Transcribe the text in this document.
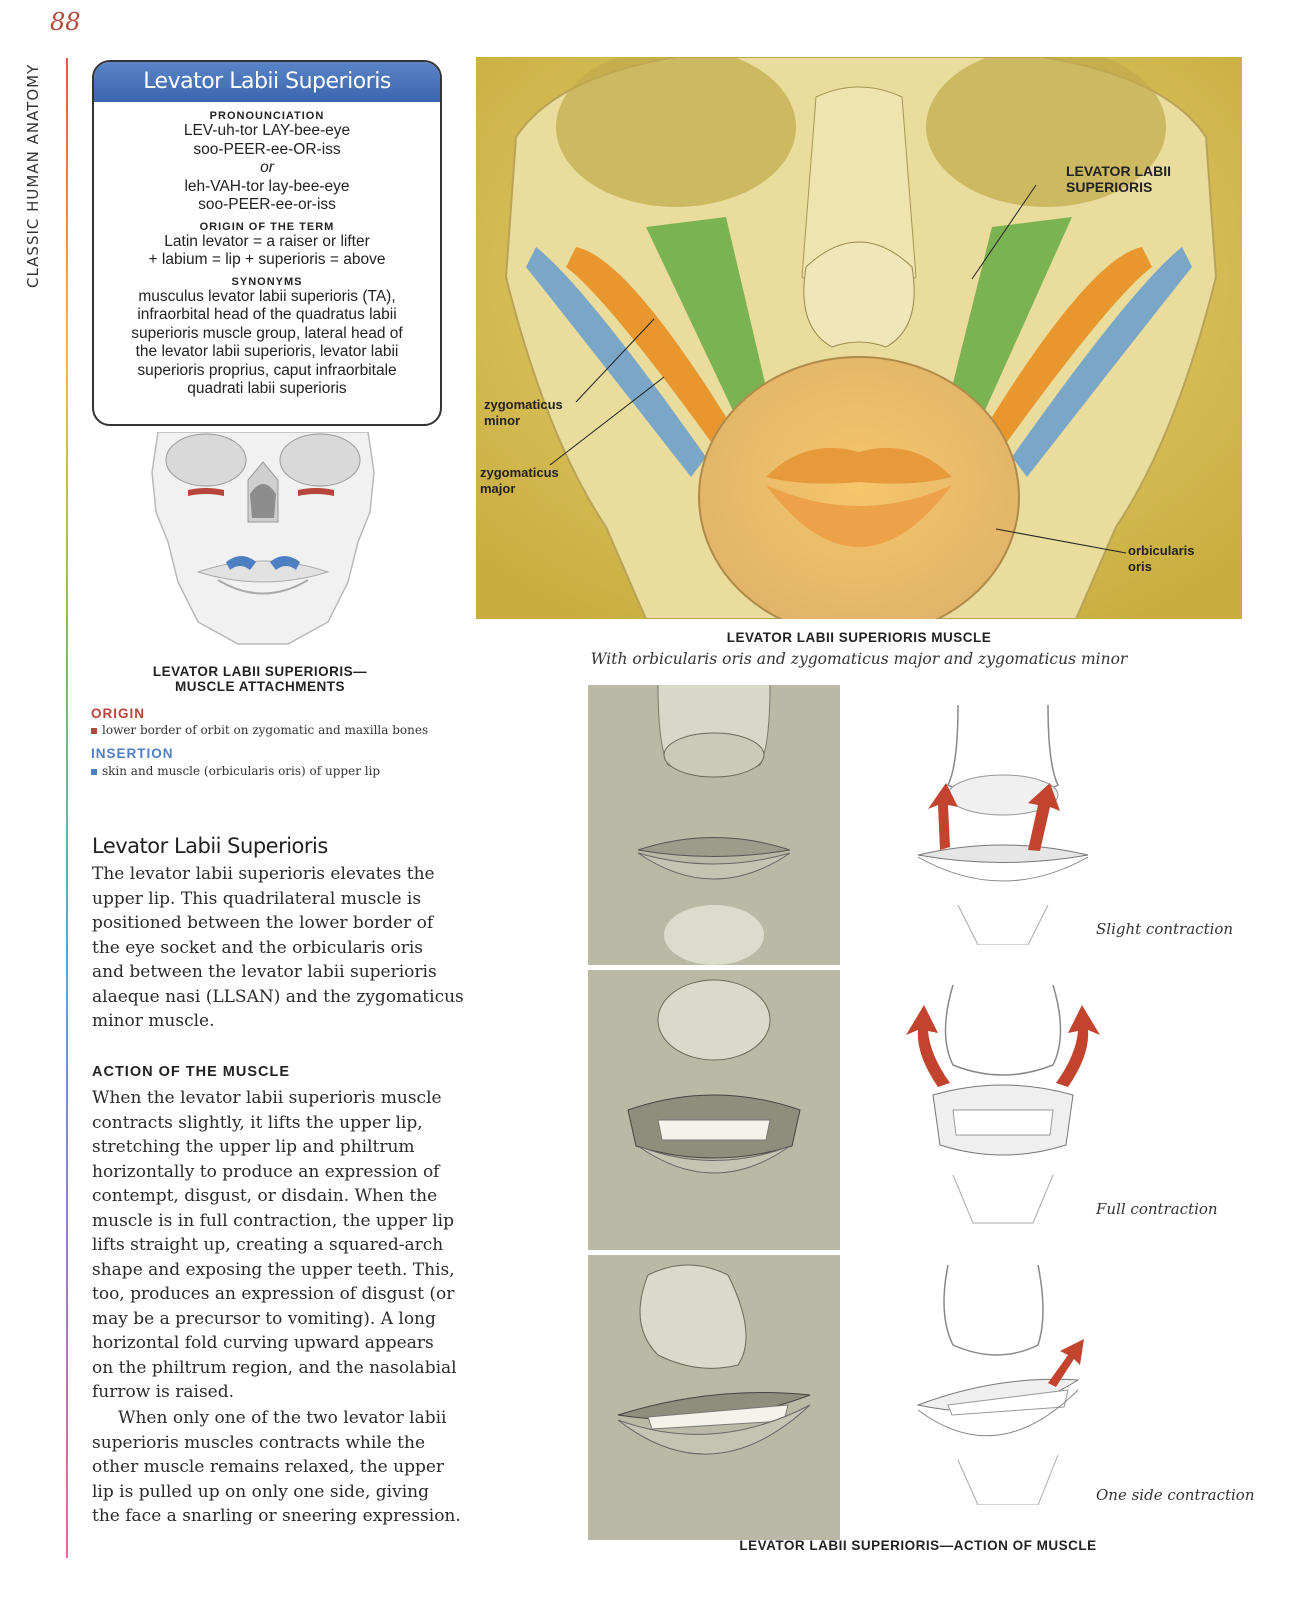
88
CLASSIC HUMAN ANATOMY	Levator Labii Superioris
PRONOUNCIATION
LEV-uh-tor LAY-bee-eye
soo-PEER-ee-OR-iss
or
leh-VAH-tor lay-bee-eye
soo-PEER-ee-or-iss
ORIGIN OF THE TERM
Latin levator = a raiser or lifter
+ labium = lip + superioris = above
SYNONYMS
musculus levator labii superioris (TA),
infraorbital head of the quadratus labii
superioris muscle group, lateral head of
the levator labii superioris, levator labii
superioris proprius, caput infraorbitale
quadrati labii superioris
LEVATOR LABII SUPERIORIS—
MUSCLE ATTACHMENTS
ORIGIN
lower border of orbit on zygomatic and maxilla bones
INSERTION
skin and muscle (orbicularis oris) of upper lip
LEVATOR LABII
SUPERIORIS
zygomaticus
minor
zygomaticus
major
orbicularis
oris
LEVATOR LABII SUPERIORIS MUSCLE
With orbicularis oris and zygomaticus major and zygomaticus minor
Levator Labii Superioris
The levator labii superioris elevates the
upper lip. This quadrilateral muscle is
positioned between the lower border of
the eye socket and the orbicularis oris
and between the levator labii superioris
alaeque nasi (LLSAN) and the zygomaticus
minor muscle.
ACTION OF THE MUSCLE
When the levator labii superioris muscle
contracts slightly, it lifts the upper lip,
stretching the upper lip and philtrum
horizontally to produce an expression of
contempt, disgust, or disdain. When the
muscle is in full contraction, the upper lip
lifts straight up, creating a squared-arch
shape and exposing the upper teeth. This,
too, produces an expression of disgust (or
may be a precursor to vomiting). A long
horizontal fold curving upward appears
on the philtrum region, and the nasolabial
furrow is raised.
When only one of the two levator labii
superioris muscles contracts while the
other muscle remains relaxed, the upper
lip is pulled up on only one side, giving
the face a snarling or sneering expression.
Slight contraction
Full contraction
One side contraction
LEVATOR LABII SUPERIORIS—ACTION OF MUSCLE
